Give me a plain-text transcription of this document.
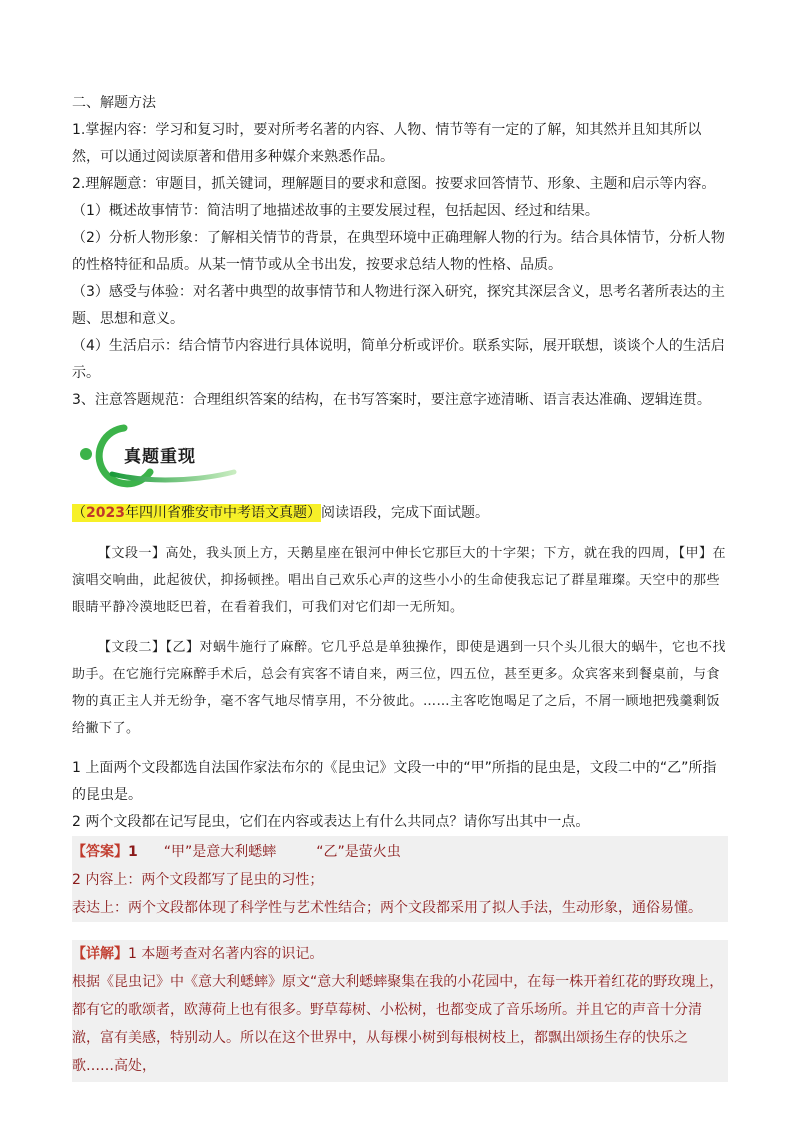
二、解题方法

1.掌握内容：学习和复习时，要对所考名著的内容、人物、情节等有一定的了解，知其然并且知其所以然，可以通过阅读原著和借用多种媒介来熟悉作品。

2.理解题意：审题目，抓关键词，理解题目的要求和意图。按要求回答情节、形象、主题和启示等内容。

（1）概述故事情节：简洁明了地描述故事的主要发展过程，包括起因、经过和结果。

（2）分析人物形象：了解相关情节的背景，在典型环境中正确理解人物的行为。结合具体情节，分析人物的性格特征和品质。从某一情节或从全书出发，按要求总结人物的性格、品质。

（3）感受与体验：对名著中典型的故事情节和人物进行深入研究，探究其深层含义，思考名著所表达的主题、思想和意义。

（4）生活启示：结合情节内容进行具体说明，简单分析或评价。联系实际，展开联想，谈谈个人的生活启示。

3、注意答题规范：合理组织答案的结构，在书写答案时，要注意字迹清晰、语言表达准确、逻辑连贯。

真题重现

（2023年四川省雅安市中考语文真题）阅读语段，完成下面试题。

【文段一】高处，我头顶上方，天鹅星座在银河中伸长它那巨大的十字架；下方，就在我的四周，【甲】在演唱交响曲，此起彼伏，抑扬顿挫。唱出自己欢乐心声的这些小小的生命使我忘记了群星璀璨。天空中的那些眼睛平静冷漠地眨巴着，在看着我们，可我们对它们却一无所知。

【文段二】【乙】对蜗牛施行了麻醉。它几乎总是单独操作，即使是遇到一只个头儿很大的蜗牛，它也不找助手。在它施行完麻醉手术后，总会有宾客不请自来，两三位，四五位，甚至更多。众宾客来到餐桌前，与食物的真正主人并无纷争，毫不客气地尽情享用，不分彼此。……主客吃饱喝足了之后，不屑一顾地把残羹剩饭给撇下了。

1 上面两个文段都选自法国作家法布尔的《昆虫记》文段一中的“甲”所指的昆虫是，文段二中的“乙”所指的昆虫是。

2 两个文段都在记写昆虫，它们在内容或表达上有什么共同点？请你写出其中一点。

【答案】1 “甲”是意大利蟋蟀	“乙”是萤火虫

2 内容上：两个文段都写了昆虫的习性；

表达上：两个文段都体现了科学性与艺术性结合；两个文段都采用了拟人手法，生动形象，通俗易懂。

【详解】1 本题考查对名著内容的识记。

根据《昆虫记》中《意大利蟋蟀》原文“意大利蟋蟀聚集在我的小花园中，在每一株开着红花的野玫瑰上，都有它的歌颂者，欧薄荷上也有很多。野草莓树、小松树，也都变成了音乐场所。并且它的声音十分清澈，富有美感，特别动人。所以在这个世界中，从每棵小树到每根树枝上，都飘出颂扬生存的快乐之歌……高处，
